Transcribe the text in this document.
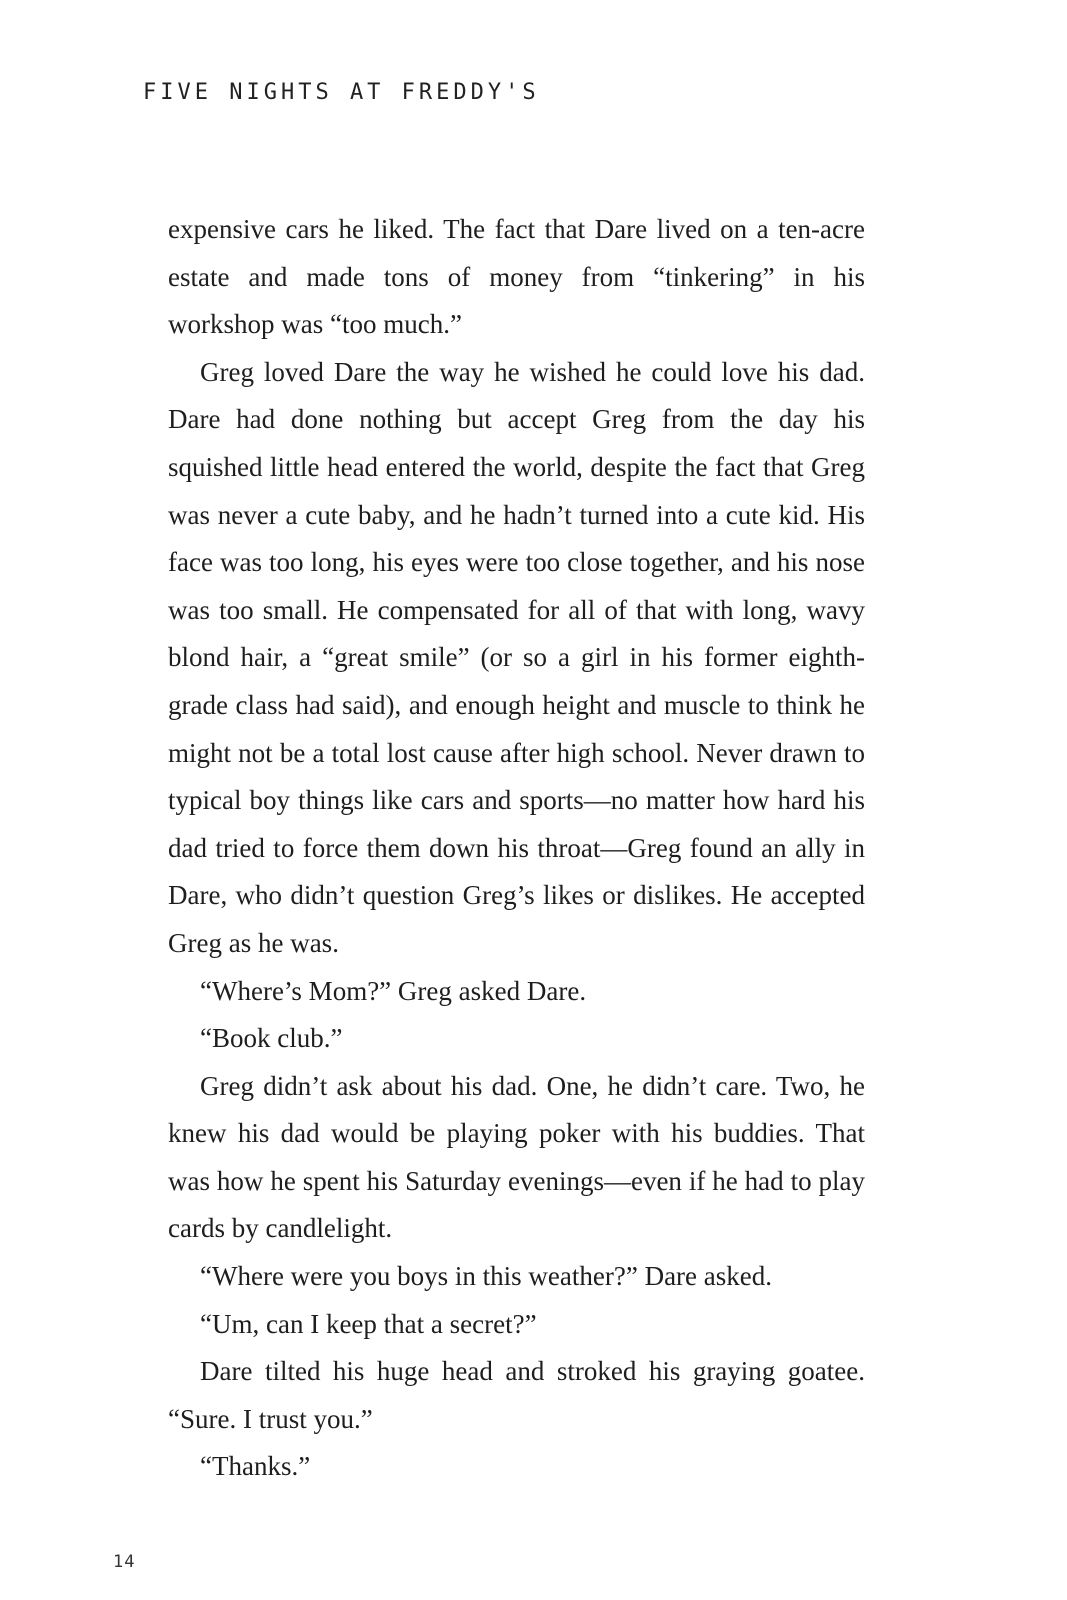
FIVE NIGHTS AT FREDDY'S

expensive cars he liked. The fact that Dare lived on a ten-acre estate and made tons of money from “tinkering” in his workshop was “too much.”

Greg loved Dare the way he wished he could love his dad. Dare had done nothing but accept Greg from the day his squished little head entered the world, despite the fact that Greg was never a cute baby, and he hadn’t turned into a cute kid. His face was too long, his eyes were too close together, and his nose was too small. He compensated for all of that with long, wavy blond hair, a “great smile” (or so a girl in his former eighth-grade class had said), and enough height and muscle to think he might not be a total lost cause after high school. Never drawn to typical boy things like cars and sports—no matter how hard his dad tried to force them down his throat—Greg found an ally in Dare, who didn’t question Greg’s likes or dislikes. He accepted Greg as he was.

“Where’s Mom?” Greg asked Dare.

“Book club.”

Greg didn’t ask about his dad. One, he didn’t care. Two, he knew his dad would be playing poker with his buddies. That was how he spent his Saturday evenings—even if he had to play cards by candlelight.

“Where were you boys in this weather?” Dare asked.

“Um, can I keep that a secret?”

Dare tilted his huge head and stroked his graying goatee. “Sure. I trust you.”

“Thanks.”

14
